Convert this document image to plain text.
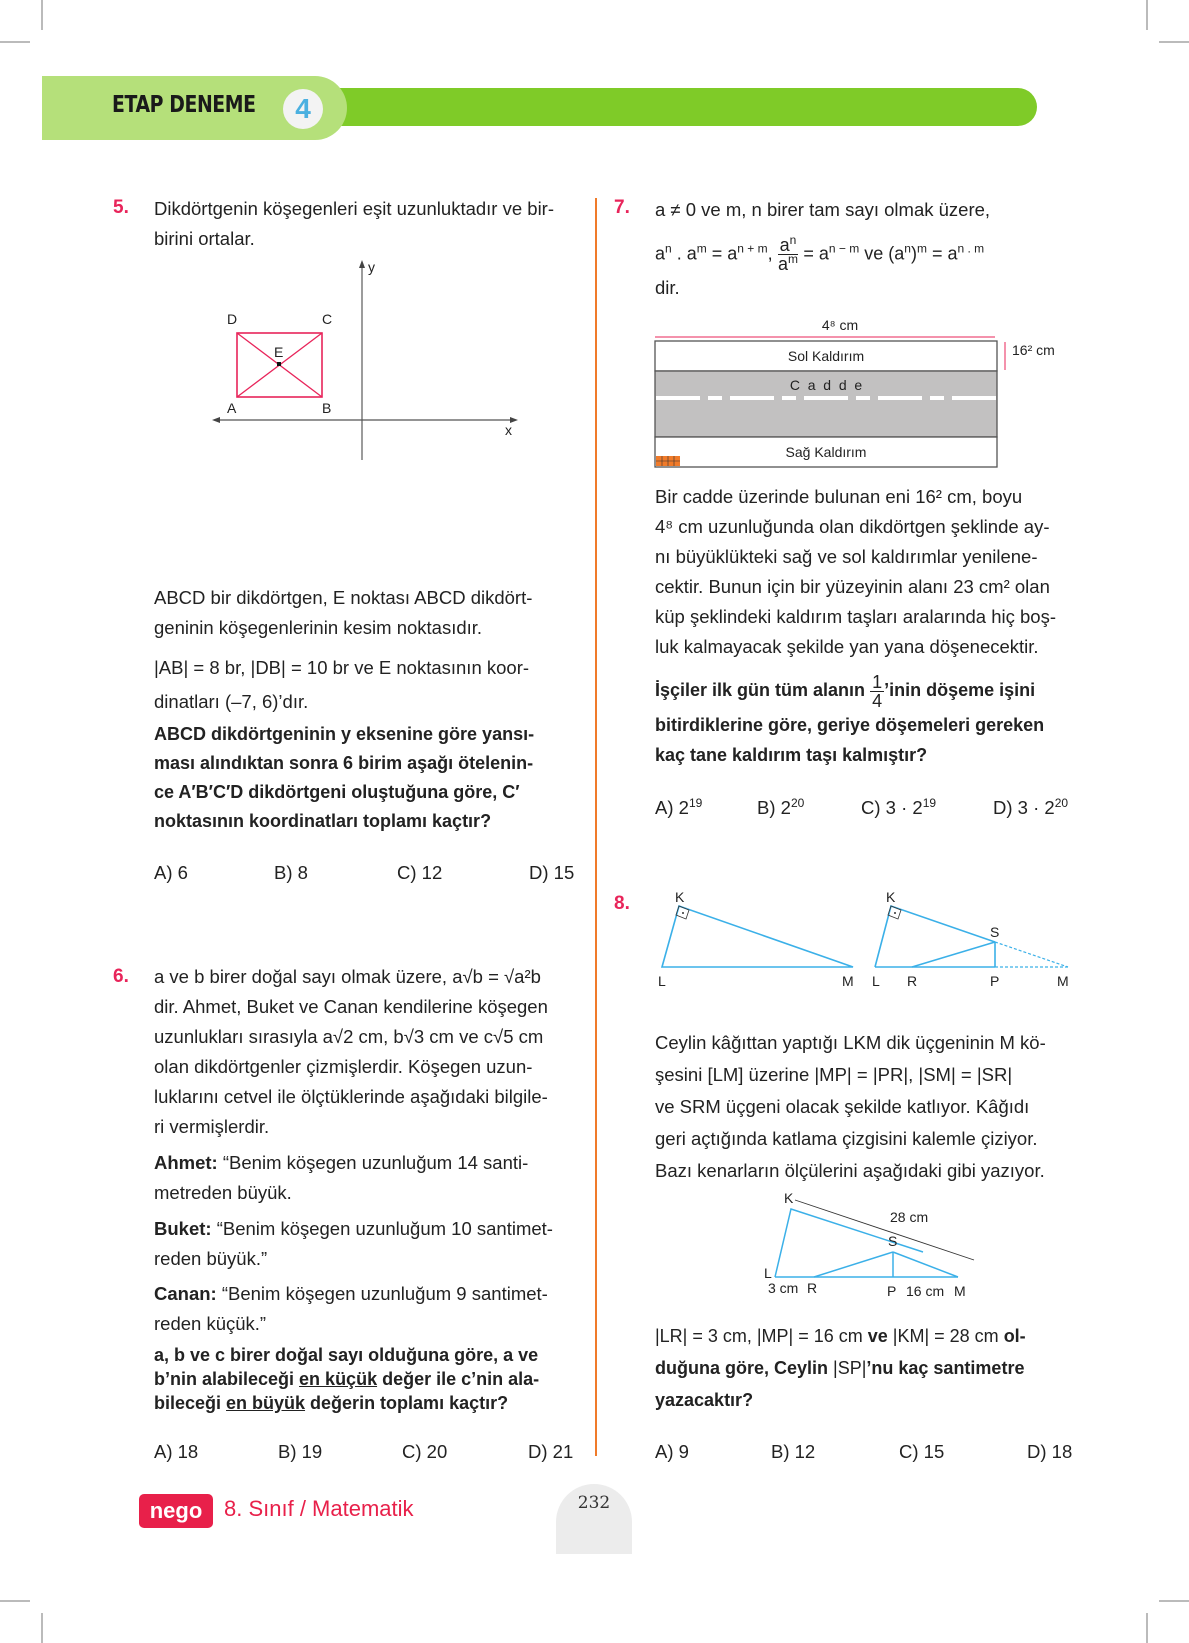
ETAP DENEME	4
5. Dikdörtgenin köşegenleri eşit uzunluktadır ve bir-
birini ortalar.
D	C
E
A	B
y
x
ABCD bir dikdörtgen, E noktası ABCD dikdört-
geninin köşegenlerinin kesim noktasıdır.
|AB| = 8 br, |DB| = 10 br ve E noktasının koor-
dinatları (–7, 6)’dır.
ABCD dikdörtgeninin y eksenine göre yansı-
ması alındıktan sonra 6 birim aşağı ötelenin-
ce A′B′C′D dikdörtgeni oluştuğuna göre, C′
noktasının koordinatları toplamı kaçtır?
A) 6	B) 8	C) 12	D) 15
6. a ve b birer doğal sayı olmak üzere, a√b = √a²b
dir. Ahmet, Buket ve Canan kendilerine köşegen
uzunlukları sırasıyla a√2 cm, b√3 cm ve c√5 cm
olan dikdörtgenler çizmişlerdir. Köşegen uzun-
luklarını cetvel ile ölçtüklerinde aşağıdaki bilgile-
ri vermişlerdir.
Ahmet: “Benim köşegen uzunluğum 14 santi-
metreden büyük.
Buket: “Benim köşegen uzunluğum 10 santimet-
reden büyük.”
Canan: “Benim köşegen uzunluğum 9 santimet-
reden küçük.”
a, b ve c birer doğal sayı olduğuna göre, a ve
b’nin alabileceği en küçük değer ile c’nin ala-
bileceği en büyük değerin toplamı kaçtır?
A) 18	B) 19	C) 20	D) 21
7. a ≠ 0 ve m, n birer tam sayı olmak üzere,
$a^n$ . $a^m = a^{n + m}$, $\frac{a^n}{a^m} = a^{n - m}$ ve $(a^n)^m = a^{n . m}$
dir.
4⁸ cm
16² cm
Sol Kaldırım
C  a  d  d  e
Sağ Kaldırım
Bir cadde üzerinde bulunan eni 16² cm, boyu
4⁸ cm uzunluğunda olan dikdörtgen şeklinde ay-
nı büyüklükteki sağ ve sol kaldırımlar yenilene-
cektir. Bunun için bir yüzeyinin alanı 23 cm² olan
küp şeklindeki kaldırım taşları aralarında hiç boş-
luk kalmayacak şekilde yan yana döşenecektir.
İşçiler ilk gün tüm alanın $\frac{1}{4}$ ’inin döşeme işini
bitirdiklerine göre, geriye döşemeleri gereken
kaç tane kaldırım taşı kalmıştır?
A) 219	B) 220	C) 3 · 219	D) 3 · 220
8.	K
L	M
K
S
L R	P	M
Ceylin kâğıttan yaptığı LKM dik üçgeninin M kö-
şesini [LM] üzerine |MP| = |PR|, |SM| = |SR|
ve SRM üçgeni olacak şekilde katlıyor. Kâğıdı
geri açtığında katlama çizgisini kalemle çiziyor.
Bazı kenarların ölçülerini aşağıdaki gibi yazıyor.
K
S
28 cm
L
3 cm R	P 16 cm M
|LR| = 3 cm, |MP| = 16 cm ve |KM| = 28 cm ol-
duğuna göre, Ceylin |SP|’nu kaç santimetre
yazacaktır?
A) 9	B) 12	C) 15	D) 18
nego 8. Sınıf / Matematik	232
